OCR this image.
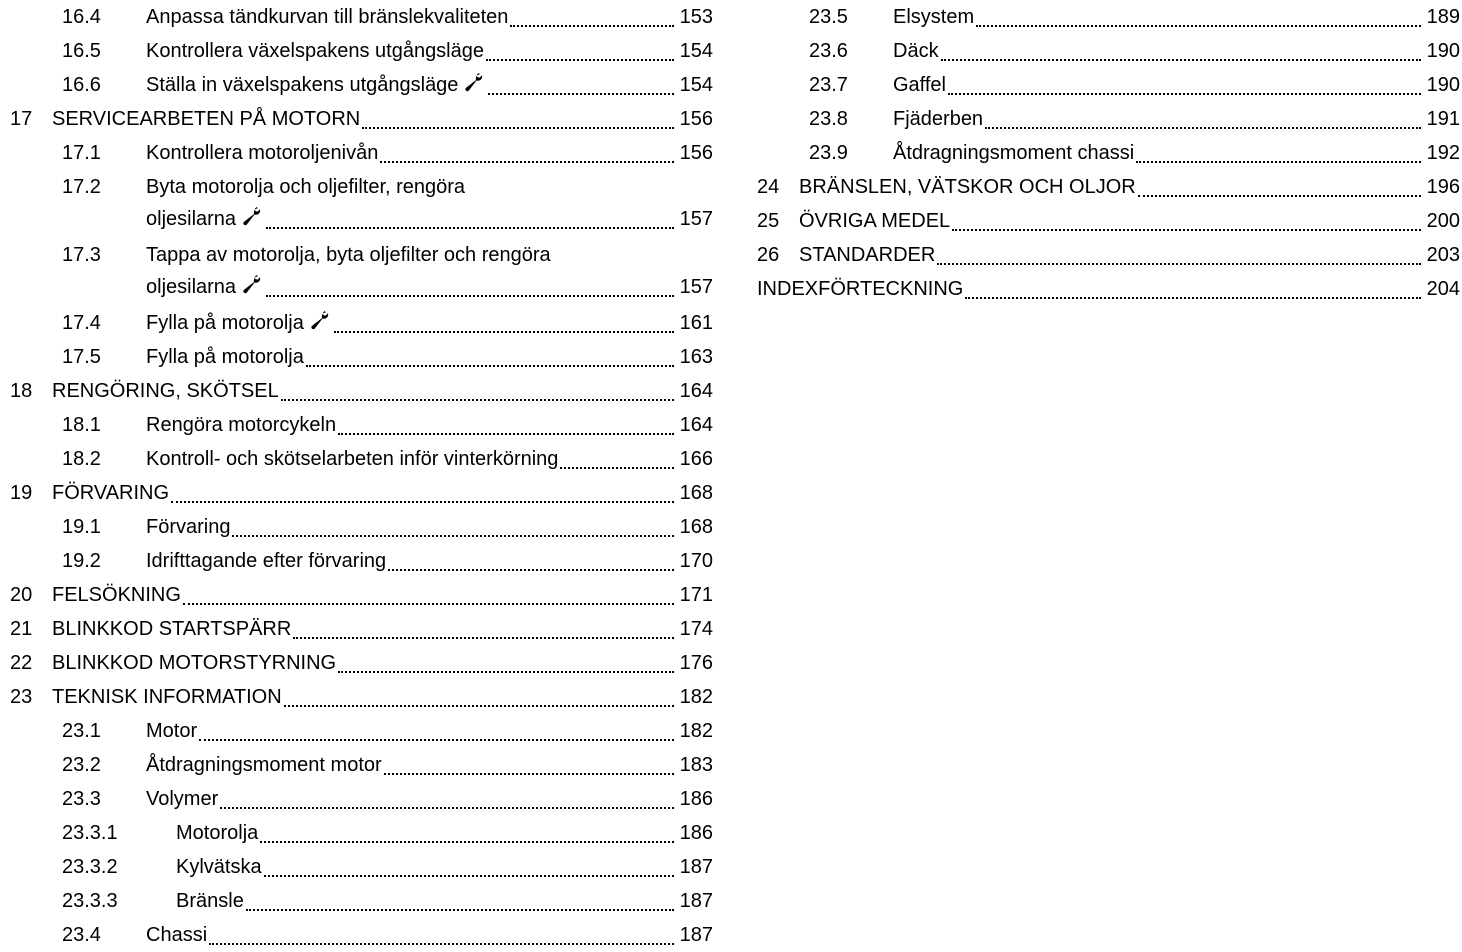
16.4 Anpassa tändkurvan till bränslekvaliteten	153
16.5 Kontrollera växelspakens utgångsläge	154
16.6 Ställa in växelspakens utgångsläge	154
17 SERVICEARBETEN PÅ MOTORN	156
17.1 Kontrollera motoroljenivån	156
17.2 Byta motorolja och oljefilter, rengöra
oljesilarna	157
17.3 Tappa av motorolja, byta oljefilter och rengöra
oljesilarna	157
17.4 Fylla på motorolja	161
17.5 Fylla på motorolja	163
18 RENGÖRING, SKÖTSEL	164
18.1 Rengöra motorcykeln	164
18.2 Kontroll- och skötselarbeten inför vinterkörning	166
19 FÖRVARING	168
19.1 Förvaring	168
19.2 Idrifttagande efter förvaring	170
20 FELSÖKNING	171
21 BLINKKOD STARTSPÄRR	174
22 BLINKKOD MOTORSTYRNING	176
23 TEKNISK INFORMATION	182
23.1 Motor	182
23.2 Åtdragningsmoment motor	183
23.3 Volymer	186
23.3.1	Motorolja	186
23.3.2	Kylvätska	187
23.3.3	Bränsle	187
23.4 Chassi	187
23.5 Elsystem	189
23.6 Däck	190
23.7 Gaffel	190
23.8 Fjäderben	191
23.9 Åtdragningsmoment chassi	192
24 BRÄNSLEN, VÄTSKOR OCH OLJOR	196
25 ÖVRIGA MEDEL	200
26 STANDARDER	203
INDEXFÖRTECKNING	204
